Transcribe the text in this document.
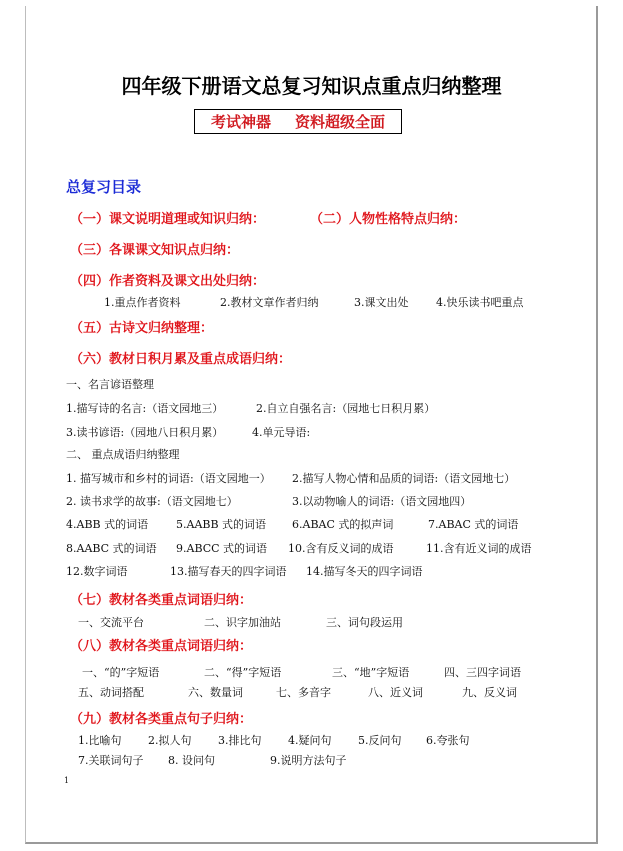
四年级下册语文总复习知识点重点归纳整理
考试神器 资料超级全面
总复习目录
（一）课文说明道理或知识归纳：	（二）人物性格特点归纳：
（三）各课课文知识点归纳：
（四）作者资料及课文出处归纳：
1.重点作者资料	2.教材文章作者归纳	3.课文出处	4.快乐读书吧重点
（五）古诗文归纳整理：
（六）教材日积月累及重点成语归纳：
一、名言谚语整理
1.描写诗的名言:（语文园地三）	2.自立自强名言:（园地七日积月累）
3.读书谚语:（园地八日积月累）	4.单元导语:
二、 重点成语归纳整理
1. 描写城市和乡村的词语:（语文园地一） 2.描写人物心情和品质的词语:（语文园地七）
2. 读书求学的故事:（语文园地七）	3.以动物喻人的词语:（语文园地四）
4.ABB 式的词语	5.AABB 式的词语 6.ABAC 式的拟声词	7.ABAC 式的词语
8.AABC 式的词语 9.ABCC 式的词语 10.含有反义词的成语	11.含有近义词的成语
12.数字词语	13.描写春天的四字词语 14.描写冬天的四字词语
（七）教材各类重点词语归纳：
一、交流平台	二、识字加油站	三、词句段运用
（八）教材各类重点词语归纳：
一、“的”字短语	二、“得”字短语	三、“地”字短语	四、三四字词语
五、动词搭配	六、数量词	七、多音字	八、近义词	九、反义词
（九）教材各类重点句子归纳：
1.比喻句 2.拟人句 3.排比句 4.疑问句 5.反问句 6.夸张句
7.关联词句子 8. 设问句	9.说明方法句子
1
